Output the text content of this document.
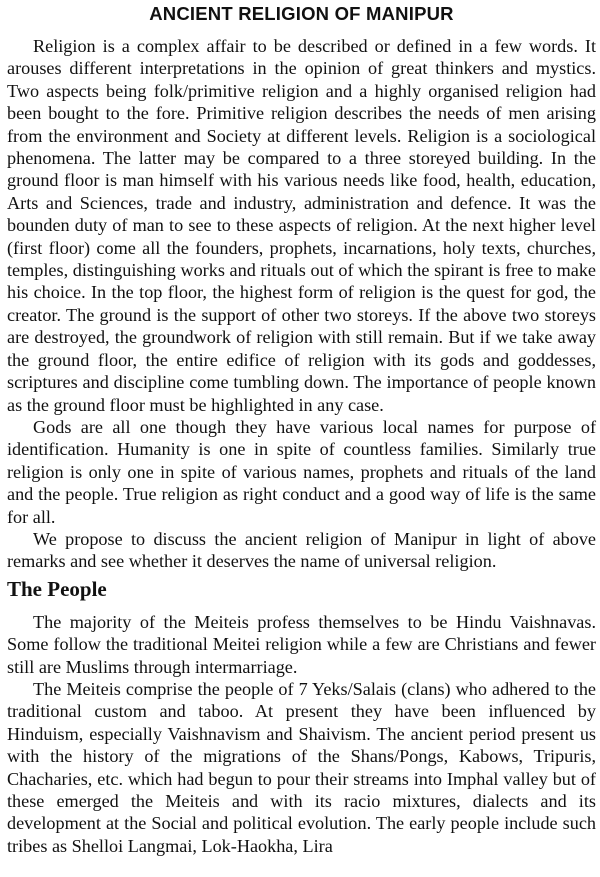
ANCIENT RELIGION OF MANIPUR

Religion is a complex affair to be described or defined in a few words. It arouses different interpretations in the opinion of great thinkers and mystics. Two aspects being folk/primitive religion and a highly organised religion had been bought to the fore. Primitive religion describes the needs of men arising from the environment and Society at different levels. Religion is a sociological phenomena. The latter may be compared to a three storeyed building. In the ground floor is man himself with his various needs like food, health, education, Arts and Sciences, trade and industry, administration and defence. It was the bounden duty of man to see to these aspects of religion. At the next higher level (first floor) come all the founders, prophets, incarnations, holy texts, churches, temples, distinguishing works and rituals out of which the spirant is free to make his choice. In the top floor, the highest form of religion is the quest for god, the creator. The ground is the support of other two storeys. If the above two storeys are destroyed, the groundwork of religion with still remain. But if we take away the ground floor, the entire edifice of religion with its gods and goddesses, scriptures and discipline come tumbling down. The importance of people known as the ground floor must be highlighted in any case.

Gods are all one though they have various local names for purpose of identification. Humanity is one in spite of countless families. Similarly true religion is only one in spite of various names, prophets and rituals of the land and the people. True religion as right conduct and a good way of life is the same for all.

We propose to discuss the ancient religion of Manipur in light of above remarks and see whether it deserves the name of universal religion.

The People

The majority of the Meiteis profess themselves to be Hindu Vaishnavas. Some follow the traditional Meitei religion while a few are Christians and fewer still are Muslims through intermarriage.

The Meiteis comprise the people of 7 Yeks/Salais (clans) who adhered to the traditional custom and taboo. At present they have been influenced by Hinduism, especially Vaishnavism and Shaivism. The ancient period present us with the history of the migrations of the Shans/Pongs, Kabows, Tripuris, Chacharies, etc. which had begun to pour their streams into Imphal valley but of these emerged the Meiteis and with its racio mixtures, dialects and its development at the Social and political evolution. The early people include such tribes as Shelloi Langmai, Lok-Haokha, Lira
